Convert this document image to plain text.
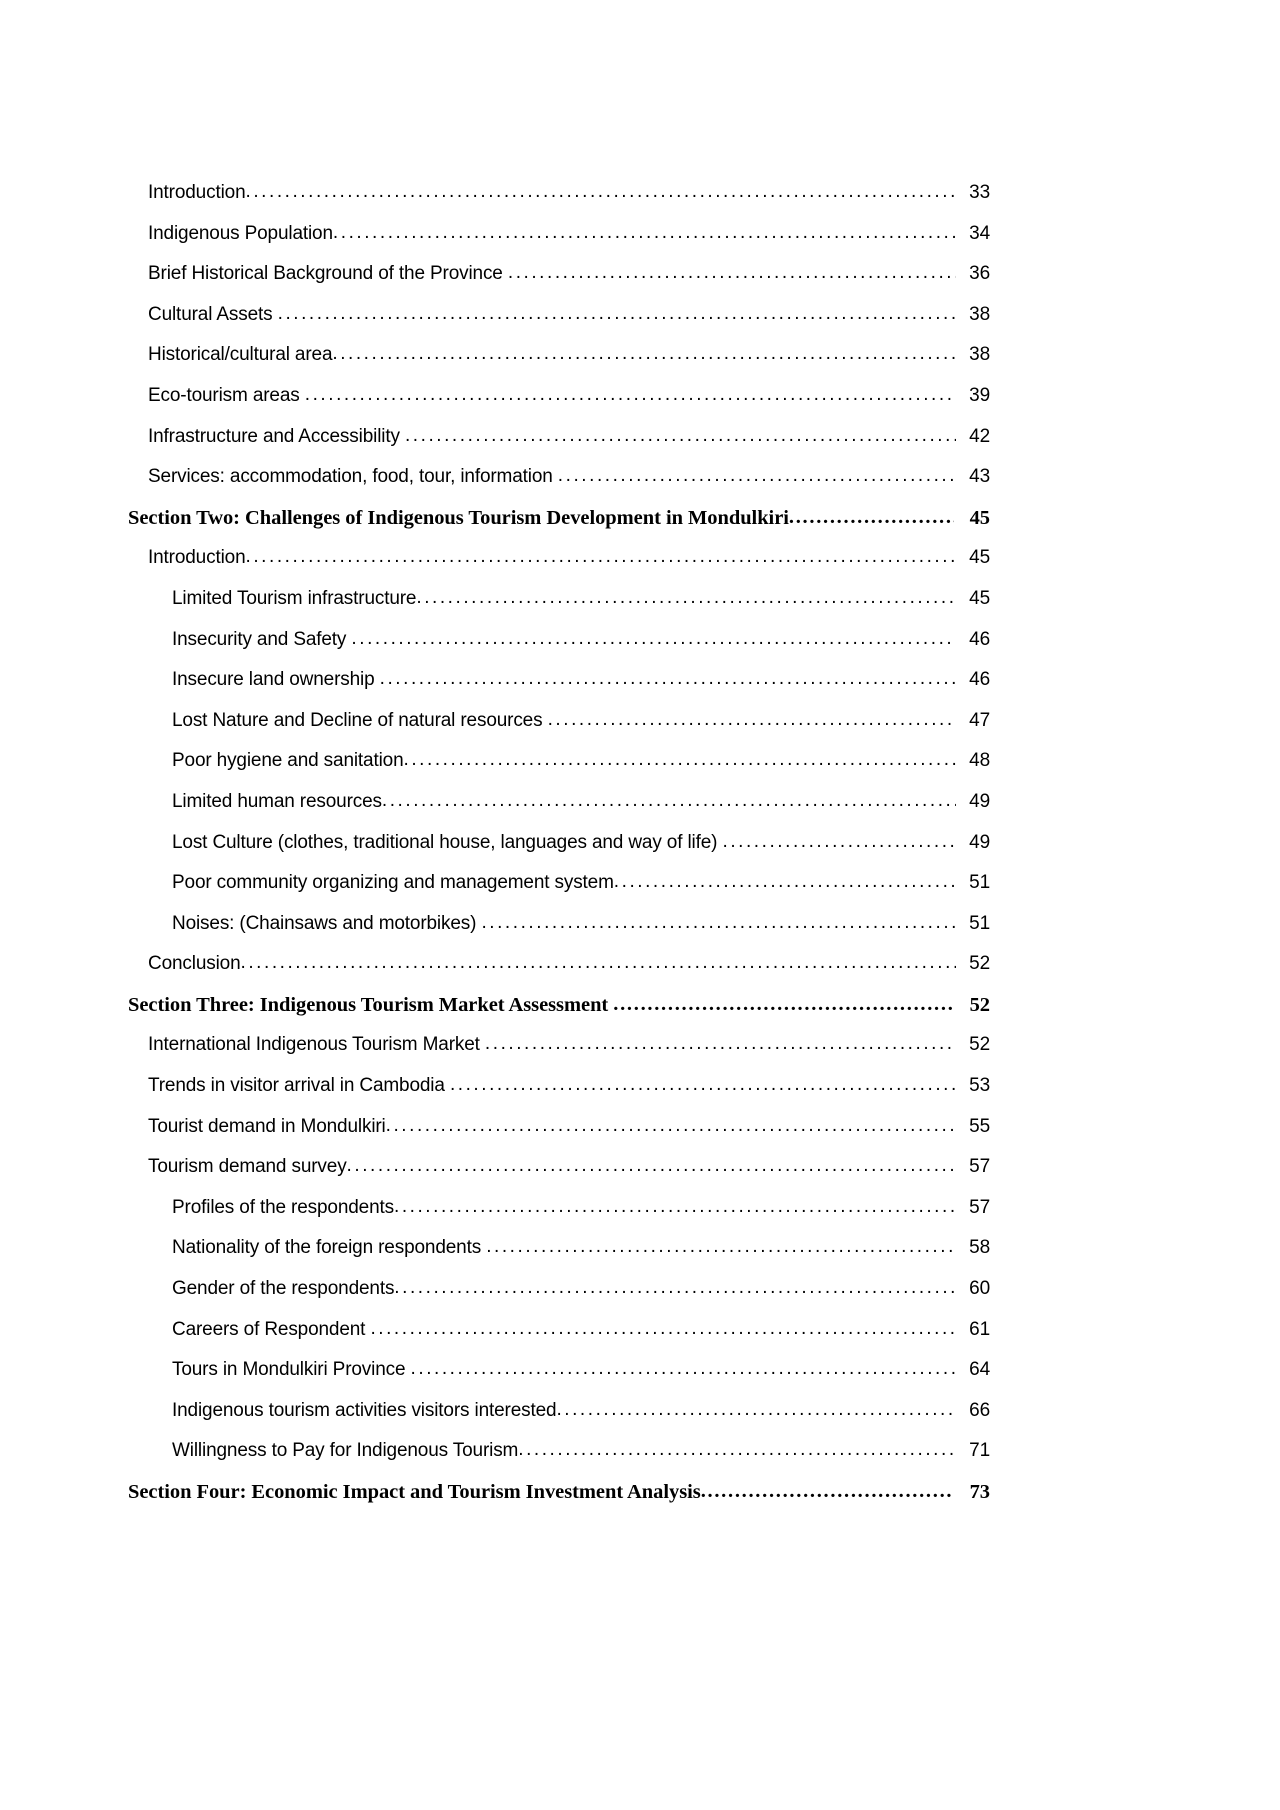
Introduction .....	33
Indigenous Population .....	34
Brief Historical Background of the Province .....	36
Cultural Assets .....	38
Historical/cultural area .....	38
Eco-tourism areas .....	39
Infrastructure and Accessibility .....	42
Services: accommodation, food, tour, information .....	43
Section Two: Challenges of Indigenous Tourism Development in Mondulkiri .....	45
Introduction .....	45
Limited Tourism infrastructure .....	45
Insecurity and Safety .....	46
Insecure land ownership .....	46
Lost Nature and Decline of natural resources .....	47
Poor hygiene and sanitation .....	48
Limited human resources .....	49
Lost Culture (clothes, traditional house, languages and way of life) .....	49
Poor community organizing and management system .....	51
Noises: (Chainsaws and motorbikes) .....	51
Conclusion .....	52
Section Three: Indigenous Tourism Market Assessment .....	52
International Indigenous Tourism Market .....	52
Trends in visitor arrival in Cambodia .....	53
Tourist demand in Mondulkiri .....	55
Tourism demand survey .....	57
Profiles of the respondents .....	57
Nationality of the foreign respondents .....	58
Gender of the respondents .....	60
Careers of Respondent .....	61
Tours in Mondulkiri Province .....	64
Indigenous tourism activities visitors interested .....	66
Willingness to Pay for Indigenous Tourism .....	71
Section Four: Economic Impact and Tourism Investment Analysis .....	73
